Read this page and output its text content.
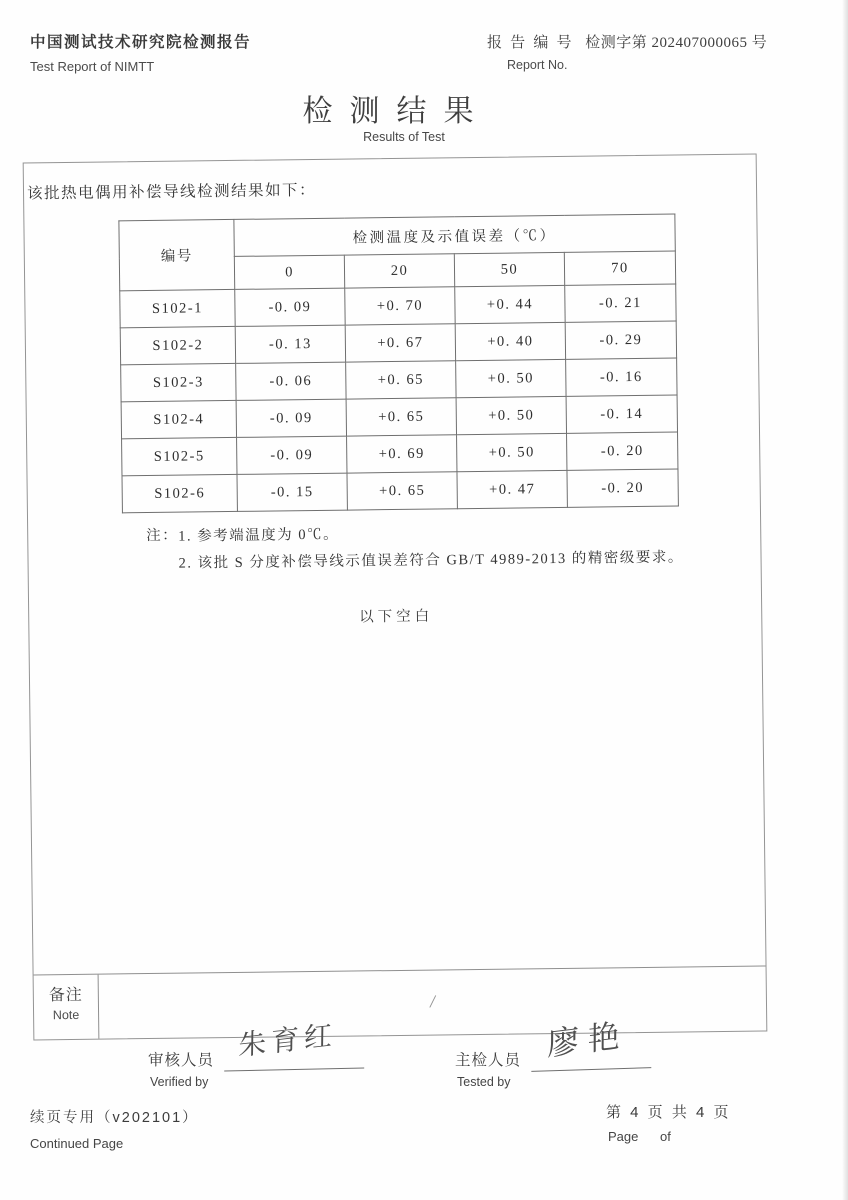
中国测试技术研究院检测报告
Test Report of NIMTT
报 告 编 号 检测字第 202407000065 号
Report No.
检测结果
Results of Test
该批热电偶用补偿导线检测结果如下：
编号	检测温度及示值误差（℃）			
	0	20	50	70
S102-1	-0. 09	+0. 70	+0. 44	-0. 21
S102-2	-0. 13	+0. 67	+0. 40	-0. 29
S102-3	-0. 06	+0. 65	+0. 50	-0. 16
S102-4	-0. 09	+0. 65	+0. 50	-0. 14
S102-5	-0. 09	+0. 69	+0. 50	-0. 20
S102-6	-0. 15	+0. 65	+0. 47	-0. 20
注： 1. 参考端温度为 0℃。
2. 该批 S 分度补偿导线示值误差符合 GB/T 4989-2013 的精密级要求。
以下空白
备注
Note
/
审核人员 朱育红
Verified by
主检人员 廖艳
Tested by
续页专用（v202101）
Continued Page
第 4 页 共 4 页
Page      of
